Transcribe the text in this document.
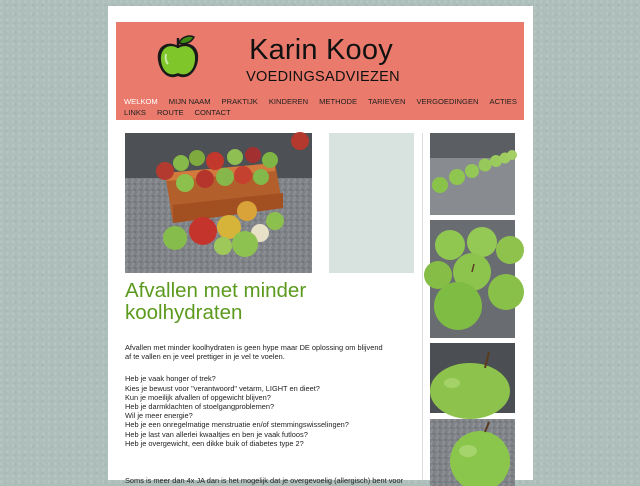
Karin Kooy
VOEDINGSADVIEZEN
WELKOM MIJN NAAM PRAKTIJK KINDEREN METHODE TARIEVEN VERGOEDINGEN ACTIES
LINKS ROUTE CONTACT
Afvallen met minder koolhydraten

Afvallen met minder koolhydraten is geen hype maar DE oplossing om blijvend af te vallen en je veel prettiger in je vel te voelen.

Heb je vaak honger of trek?
Kies je bewust voor "verantwoord" vetarm, LIGHT en dieet?
Kun je moeilijk afvallen of opgewicht blijven?
Heb je darmklachten of stoelgangproblemen?
Wil je meer energie?
Heb je een onregelmatige menstruatie en/of stemmingswisselingen?
Heb je last van allerlei kwaaltjes en ben je vaak futloos?
Heb je overgewicht, een dikke buik of diabetes type 2?
Soms is meer dan 4x JA dan is het mogelijk dat je overgevoelig (allergisch) bent voor
